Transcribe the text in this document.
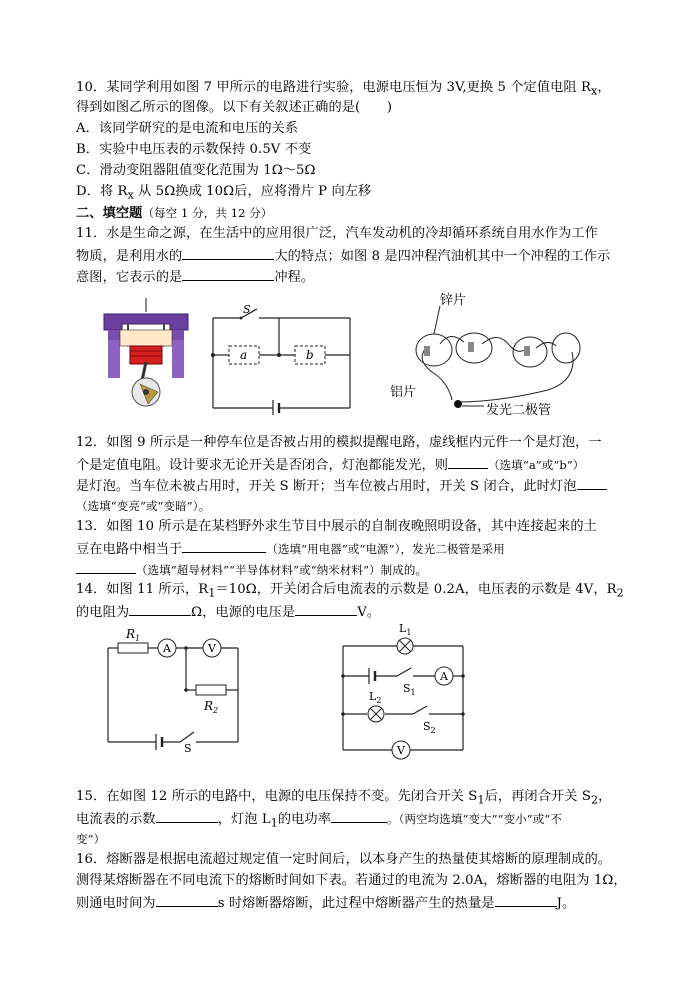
10．某同学利用如图 7 甲所示的电路进行实验，电源电压恒为 3V,更换 5 个定值电阻 $R_x$，
得到如图乙所示的图像。以下有关叙述正确的是(　　)
A．该同学研究的是电流和电压的关系
B．实验中电压表的示数保持 0.5V 不变
C．滑动变阻器阻值变化范围为 1Ω～5Ω
D．将 $R_x$ 从 5Ω换成 10Ω后，应将滑片 P 向左移
二、填空题（每空 1 分，共 12 分）
11．水是生命之源，在生活中的应用很广泛，汽车发动机的冷却循环系统自用水作为工作
物质，是利用水的	大的特点；如图 8 是四冲程汽油机其中一个冲程的工作示
意图，它表示的是	冲程。
S
a	b
锌片
铝片
发光二极管
12．如图 9 所示是一种停车位是否被占用的模拟提醒电路，虚线框内元件一个是灯泡，一
个是定值电阻。设计要求无论开关是否闭合，灯泡都能发光，则	（选填“a”或“b”）
是灯泡。当车位未被占用时，开关 S 断开；当车位被占用时，开关 S 闭合，此时灯泡
（选填“变亮”或“变暗”）。
13．如图 10 所示是在某档野外求生节目中展示的自制夜晚照明设备，其中连接起来的土
豆在电路中相当于	（选填“用电器”或“电源”），发光二极管是采用
（选填“超导材料”“半导体材料”或“纳米材料”）制成的。
14．如图 11 所示，$R_1=10\Omega$，开关闭合后电流表的示数是 0.2A，电压表的示数是 4V，$R_2$
的电阻为	Ω，电源的电压是	V。
A	V
$R_1$
$R_2$
S
A
V
$L_1$
$L_2$
$S_1$
$S_2$
15．在如图 12 所示的电路中，电源的电压保持不变。先闭合开关 $S_1$后，再闭合开关 $S_2$，
电流表的示数	，灯泡 $L_1$的电功率	。（两空均选填“变大”“变小”或“不
变”）
16．熔断器是根据电流超过规定值一定时间后，以本身产生的热量使其熔断的原理制成的。
测得某熔断器在不同电流下的熔断时间如下表。若通过的电流为 2.0A，熔断器的电阻为 1Ω，
则通电时间为	s 时熔断器熔断，此过程中熔断器产生的热量是	J。
